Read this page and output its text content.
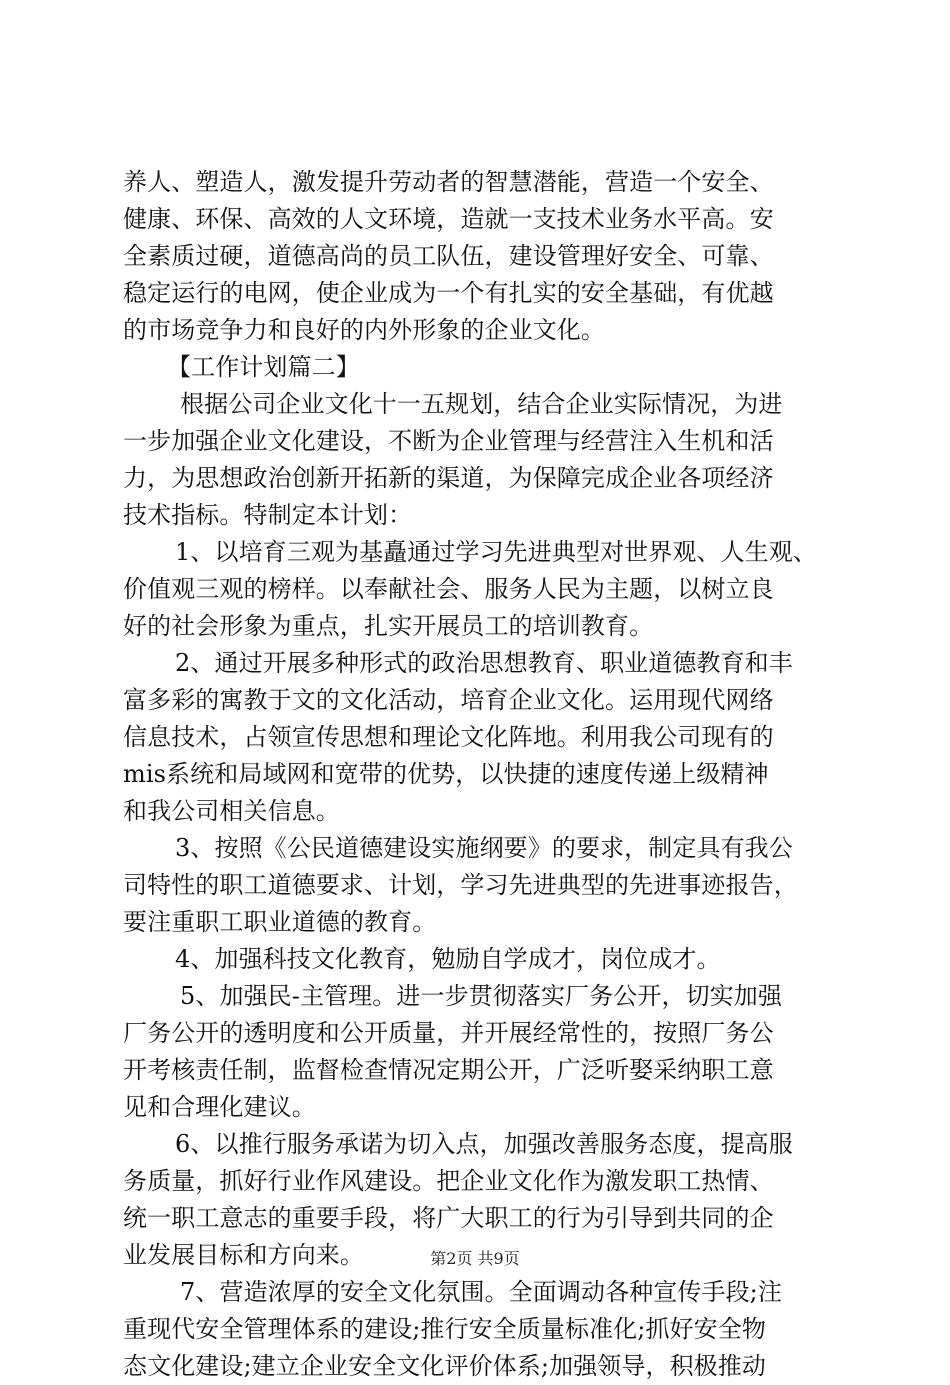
养人、塑造人，激发提升劳动者的智慧潜能，营造一个安全、
健康、环保、高效的人文环境，造就一支技术业务水平高。安
全素质过硬，道德高尚的员工队伍，建设管理好安全、可靠、
稳定运行的电网，使企业成为一个有扎实的安全基础，有优越
的市场竞争力和良好的内外形象的企业文化。
【工作计划篇二】
根据公司企业文化十一五规划，结合企业实际情况，为进
一步加强企业文化建设，不断为企业管理与经营注入生机和活
力，为思想政治创新开拓新的渠道，为保障完成企业各项经济
技术指标。特制定本计划：
1、以培育三观为基矗通过学习先进典型对世界观、人生观、
价值观三观的榜样。以奉献社会、服务人民为主题，以树立良
好的社会形象为重点，扎实开展员工的培训教育。
2、通过开展多种形式的政治思想教育、职业道德教育和丰
富多彩的寓教于文的文化活动，培育企业文化。运用现代网络
信息技术，占领宣传思想和理论文化阵地。利用我公司现有的
mis系统和局域网和宽带的优势，以快捷的速度传递上级精神
和我公司相关信息。
3、按照《公民道德建设实施纲要》的要求，制定具有我公
司特性的职工道德要求、计划，学习先进典型的先进事迹报告，
要注重职工职业道德的教育。
4、加强科技文化教育，勉励自学成才，岗位成才。
5、加强民-主管理。进一步贯彻落实厂务公开，切实加强
厂务公开的透明度和公开质量，并开展经常性的，按照厂务公
开考核责任制，监督检查情况定期公开，广泛听娶采纳职工意
见和合理化建议。
6、以推行服务承诺为切入点，加强改善服务态度，提高服
务质量，抓好行业作风建设。把企业文化作为激发职工热情、
统一职工意志的重要手段，将广大职工的行为引导到共同的企
业发展目标和方向来。
7、营造浓厚的安全文化氛围。全面调动各种宣传手段;注
重现代安全管理体系的建设;推行安全质量标准化;抓好安全物
态文化建设;建立企业安全文化评价体系;加强领导，积极推动
第2页 共9页
